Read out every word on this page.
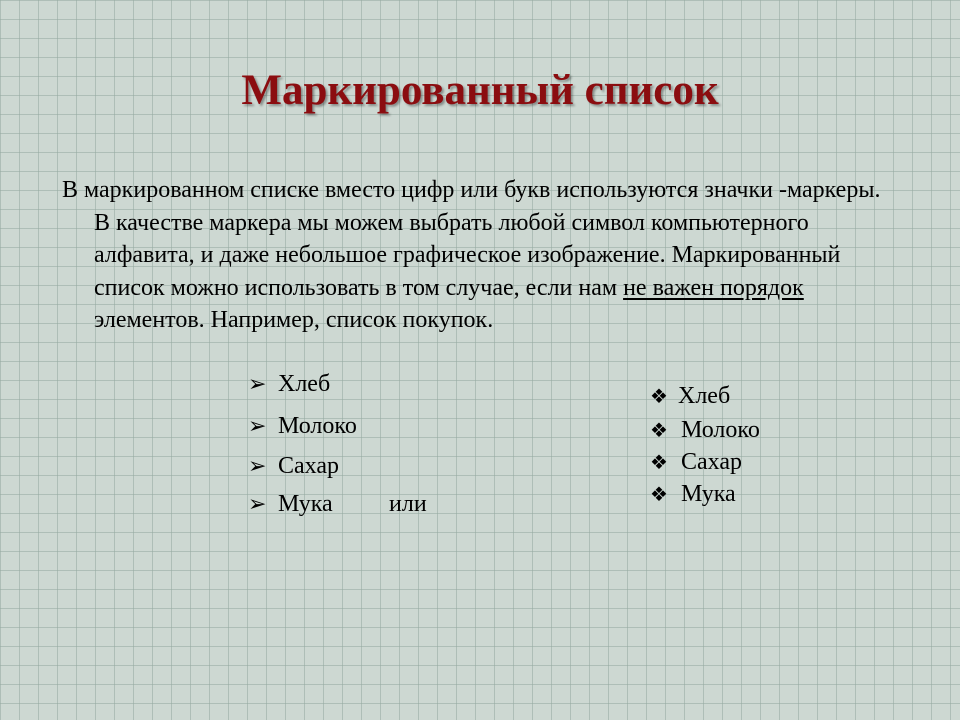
Маркированный список

В маркированном списке вместо цифр или букв используются значки -маркеры. В качестве маркера мы можем выбрать любой символ компьютерного алфавита, и даже небольшое графическое изображение. Маркированный список можно использовать в том случае, если нам не важен порядок элементов. Например, список покупок.

➢ Хлеб
➢ Молоко
➢ Сахар
➢ Мука или
❖ Хлеб
❖ Молоко
❖ Сахар
❖ Мука
